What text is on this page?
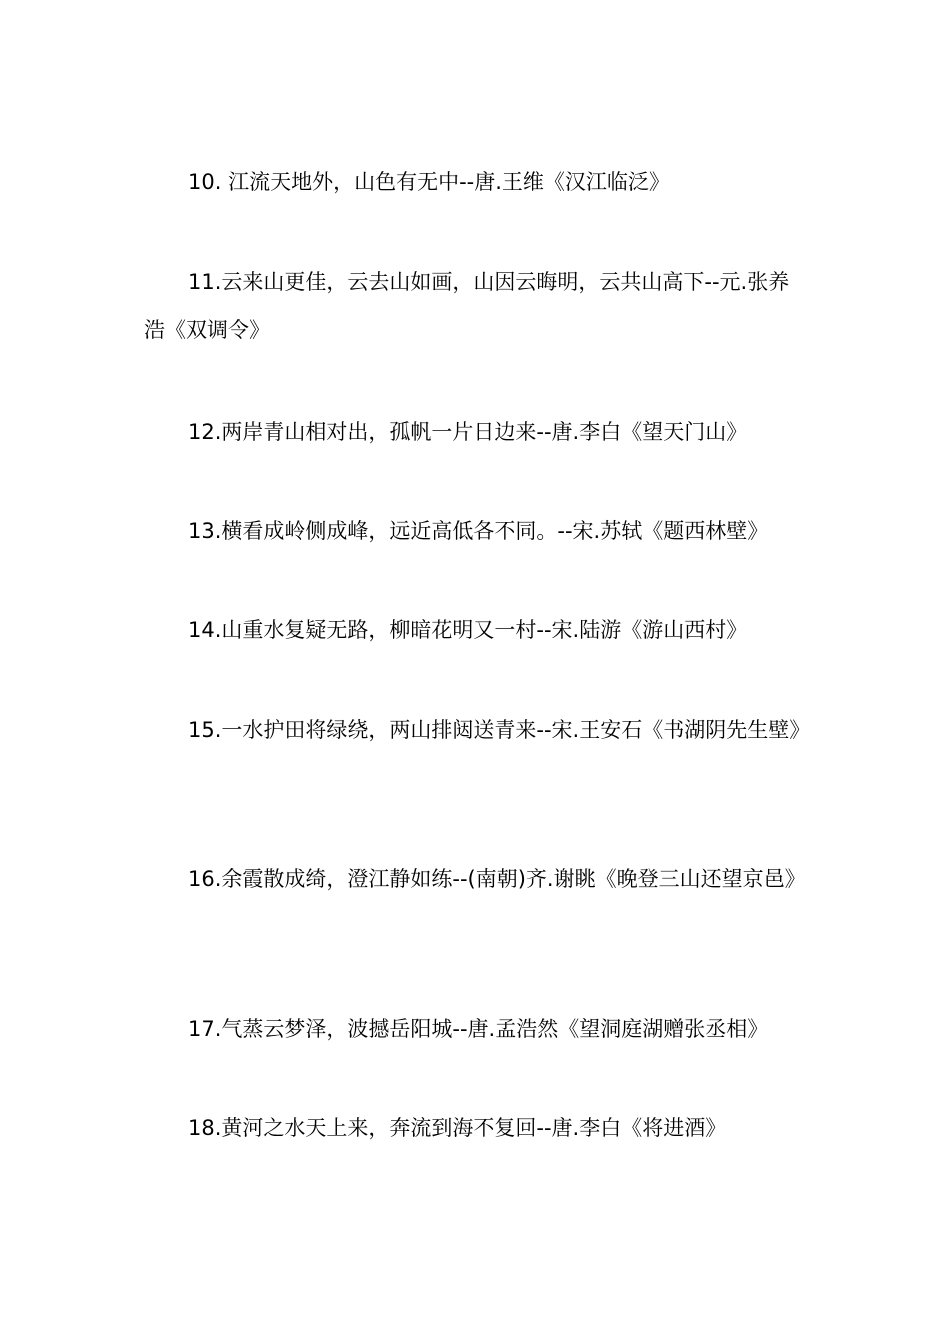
10. 江流天地外，山色有无中--唐.王维《汉江临泛》

11.云来山更佳，云去山如画，山因云晦明，云共山高下--元.张养浩《双调令》

12.两岸青山相对出，孤帆一片日边来--唐.李白《望天门山》

13.横看成岭侧成峰，远近高低各不同。--宋.苏轼《题西林壁》

14.山重水复疑无路，柳暗花明又一村--宋.陆游《游山西村》

15.一水护田将绿绕，两山排闼送青来--宋.王安石《书湖阴先生壁》

16.余霞散成绮，澄江静如练--(南朝)齐.谢眺《晚登三山还望京邑》

17.气蒸云梦泽，波撼岳阳城--唐.孟浩然《望洞庭湖赠张丞相》

18.黄河之水天上来，奔流到海不复回--唐.李白《将进酒》
